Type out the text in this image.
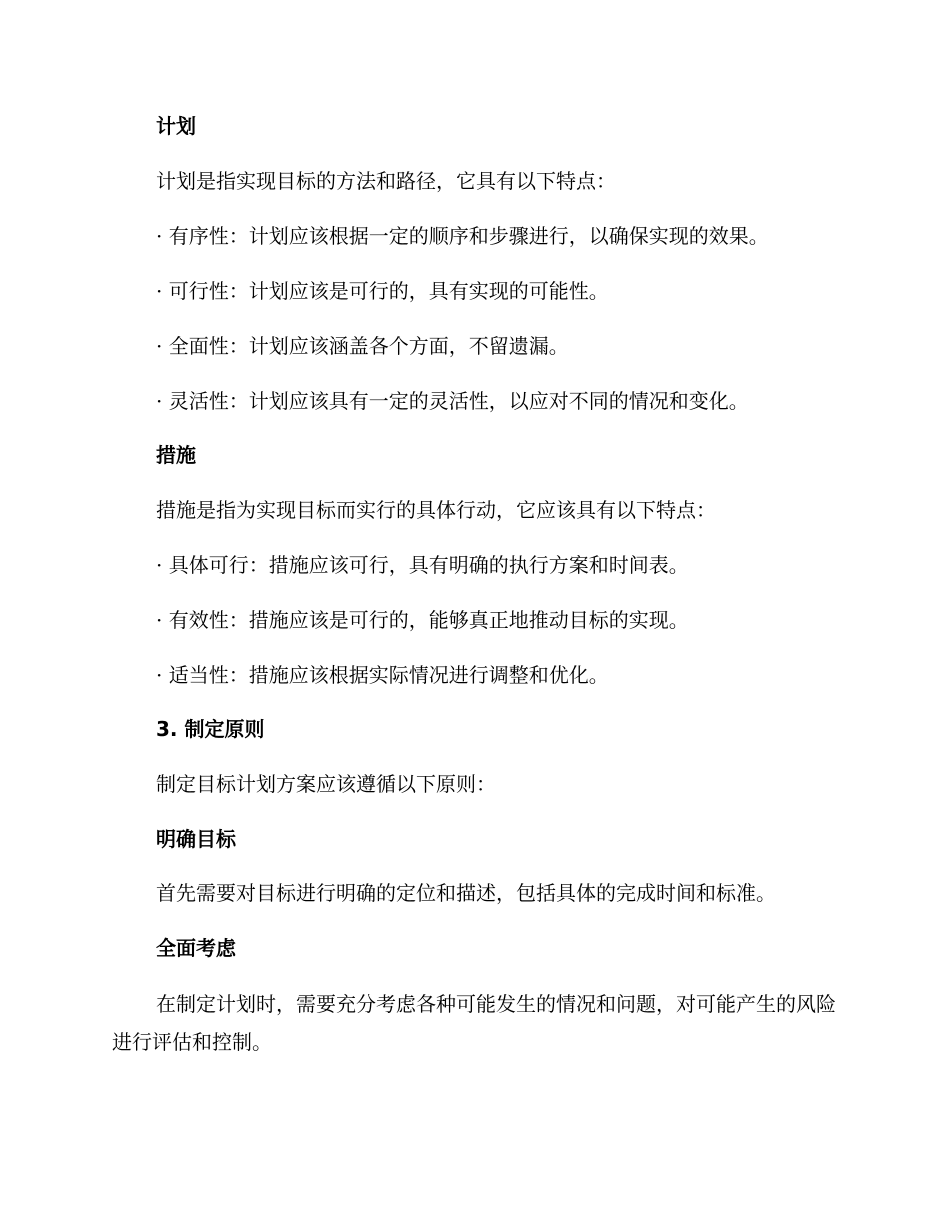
计划
计划是指实现目标的方法和路径，它具有以下特点：
· 有序性：计划应该根据一定的顺序和步骤进行，以确保实现的效果。
· 可行性：计划应该是可行的，具有实现的可能性。
· 全面性：计划应该涵盖各个方面，不留遗漏。
· 灵活性：计划应该具有一定的灵活性，以应对不同的情况和变化。
措施
措施是指为实现目标而实行的具体行动，它应该具有以下特点：
· 具体可行：措施应该可行，具有明确的执行方案和时间表。
· 有效性：措施应该是可行的，能够真正地推动目标的实现。
· 适当性：措施应该根据实际情况进行调整和优化。
3. 制定原则
制定目标计划方案应该遵循以下原则：
明确目标
首先需要对目标进行明确的定位和描述，包括具体的完成时间和标准。
全面考虑
在制定计划时，需要充分考虑各种可能发生的情况和问题，对可能产生的风险进行评估和控制。
